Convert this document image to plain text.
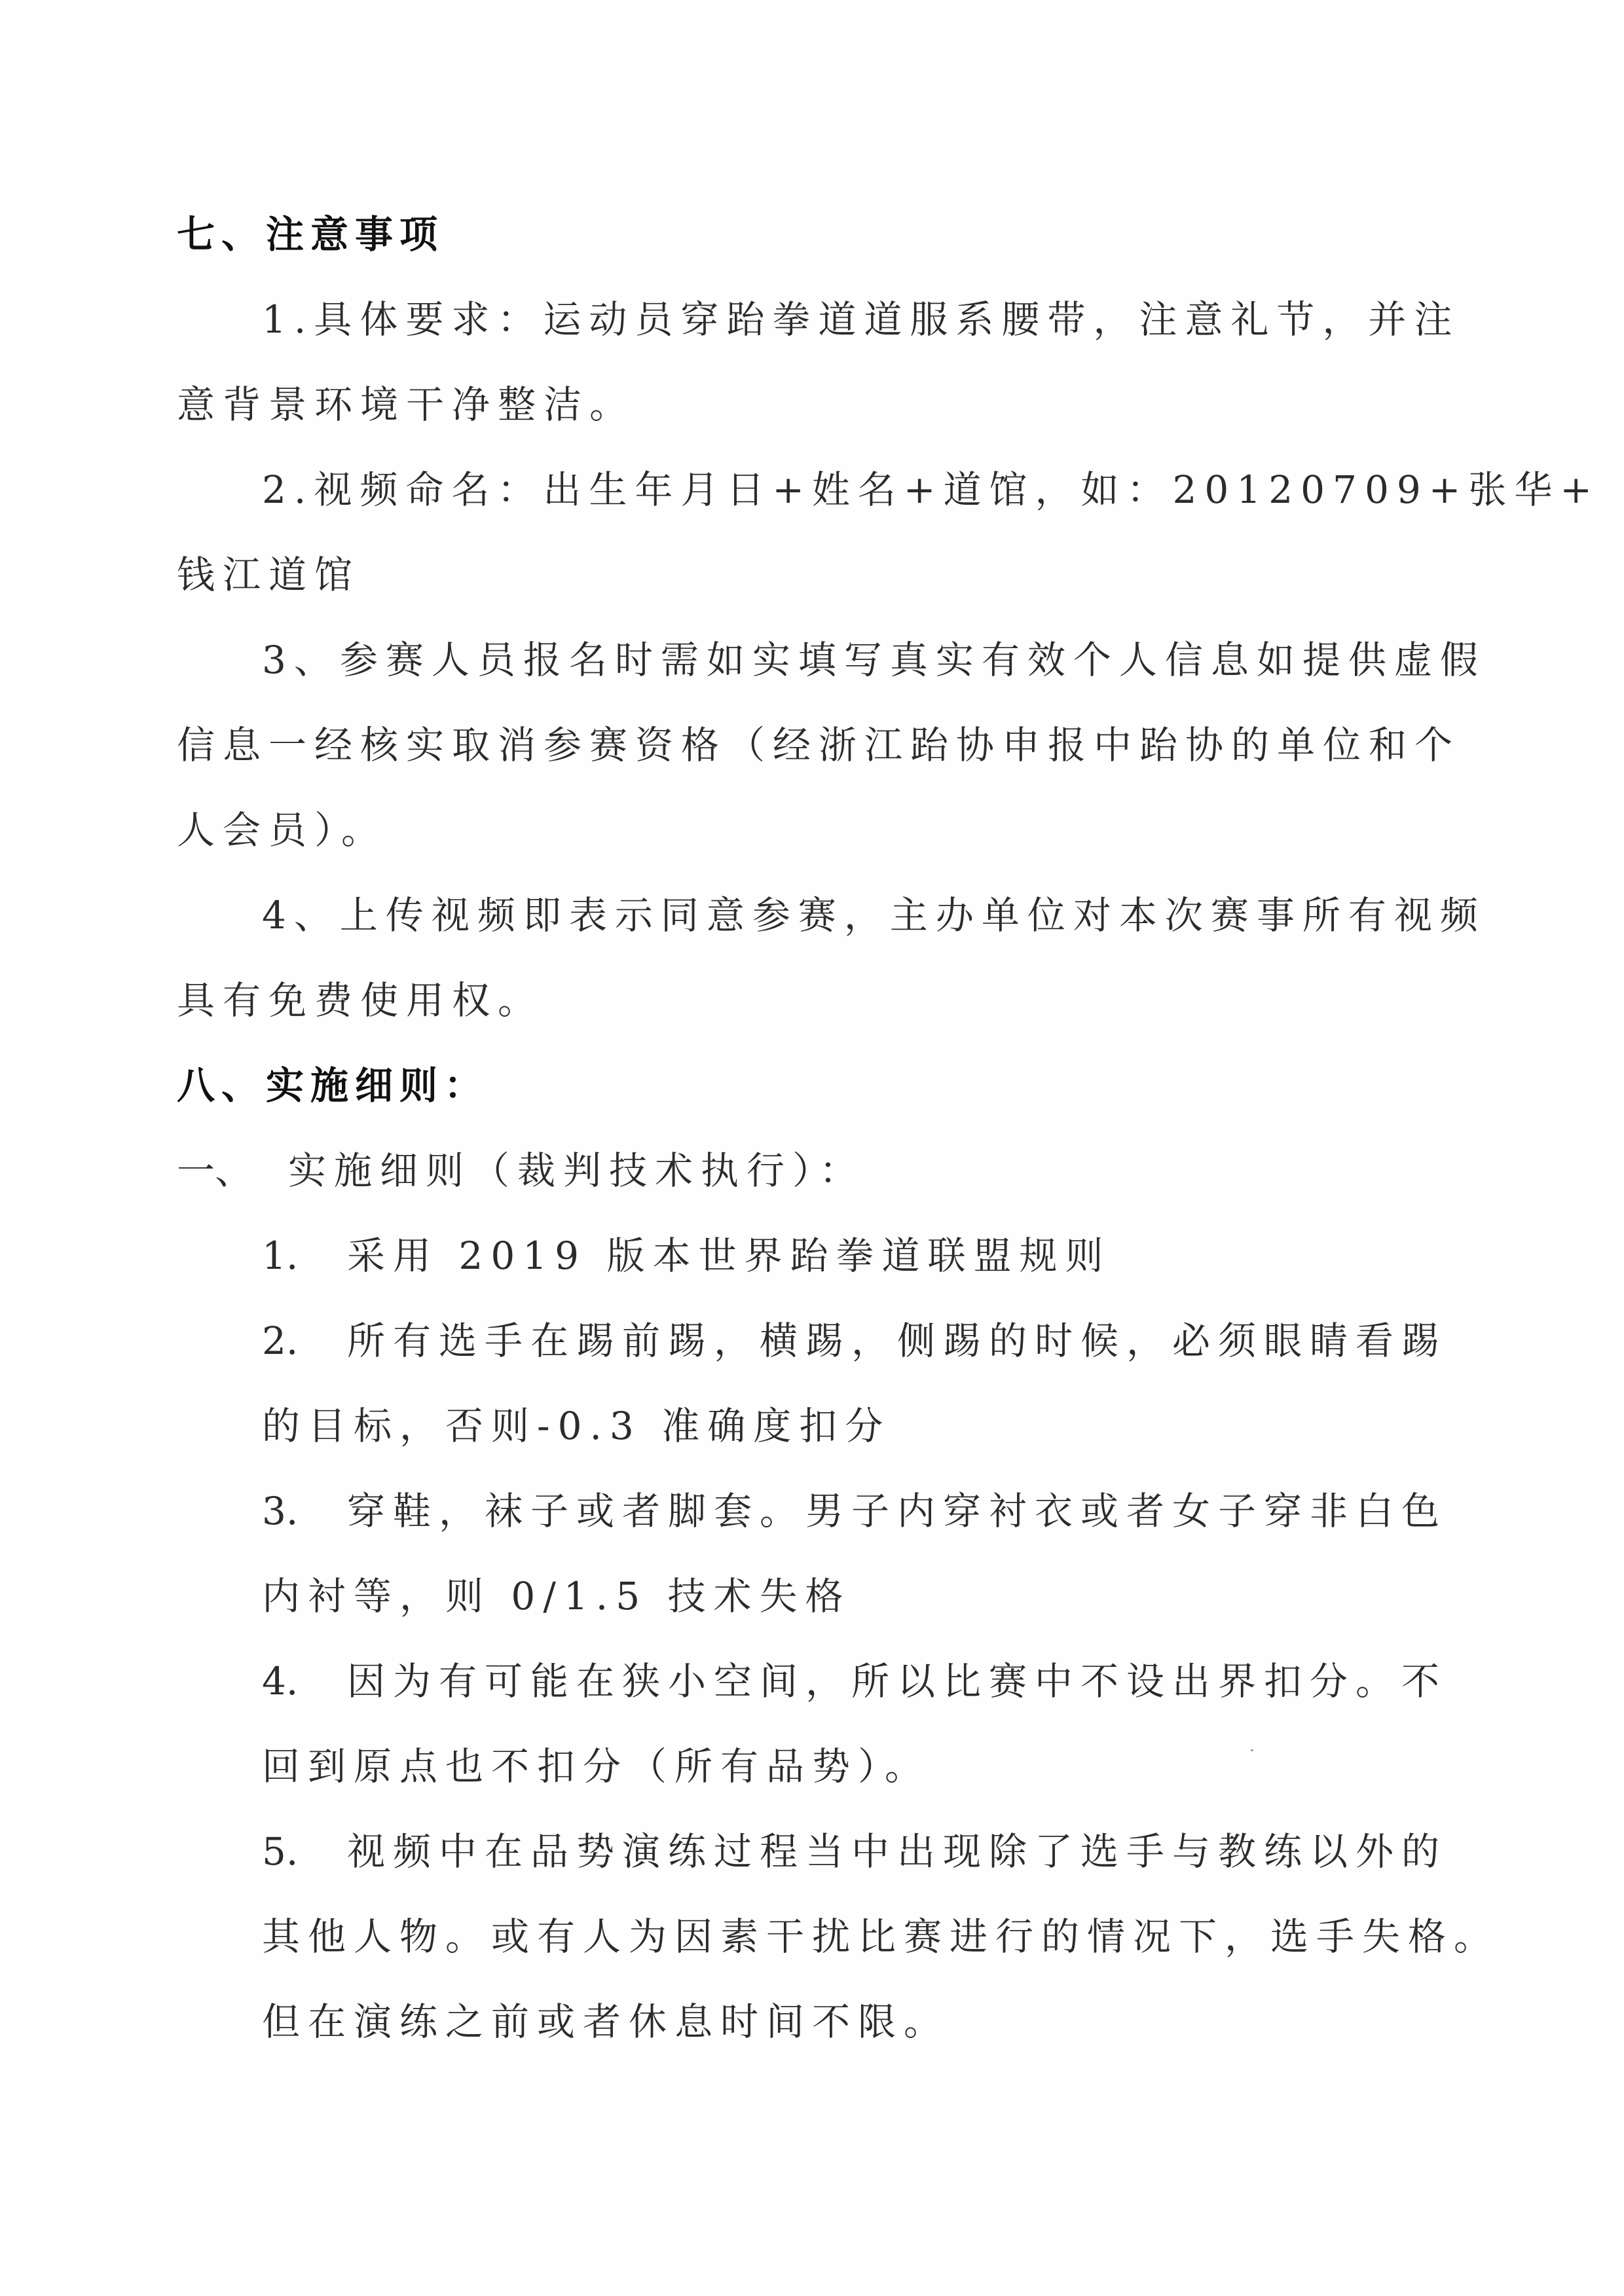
七、注意事项
1.具体要求：运动员穿跆拳道道服系腰带，注意礼节，并注
意背景环境干净整洁。
2.视频命名：出生年月日+姓名+道馆，如：20120709+张华+
钱江道馆
3、参赛人员报名时需如实填写真实有效个人信息如提供虚假
信息一经核实取消参赛资格（经浙江跆协申报中跆协的单位和个
人会员）。
4、上传视频即表示同意参赛，主办单位对本次赛事所有视频
具有免费使用权。
八、实施细则：
一、 实施细则（裁判技术执行）：
1. 采用 2019 版本世界跆拳道联盟规则
2. 所有选手在踢前踢，横踢，侧踢的时候，必须眼睛看踢
的目标，否则-0.3 准确度扣分
3. 穿鞋，袜子或者脚套。男子内穿衬衣或者女子穿非白色
内衬等，则 0/1.5 技术失格
4. 因为有可能在狭小空间，所以比赛中不设出界扣分。不
回到原点也不扣分（所有品势）。
5. 视频中在品势演练过程当中出现除了选手与教练以外的
其他人物。或有人为因素干扰比赛进行的情况下，选手失格。
但在演练之前或者休息时间不限。
